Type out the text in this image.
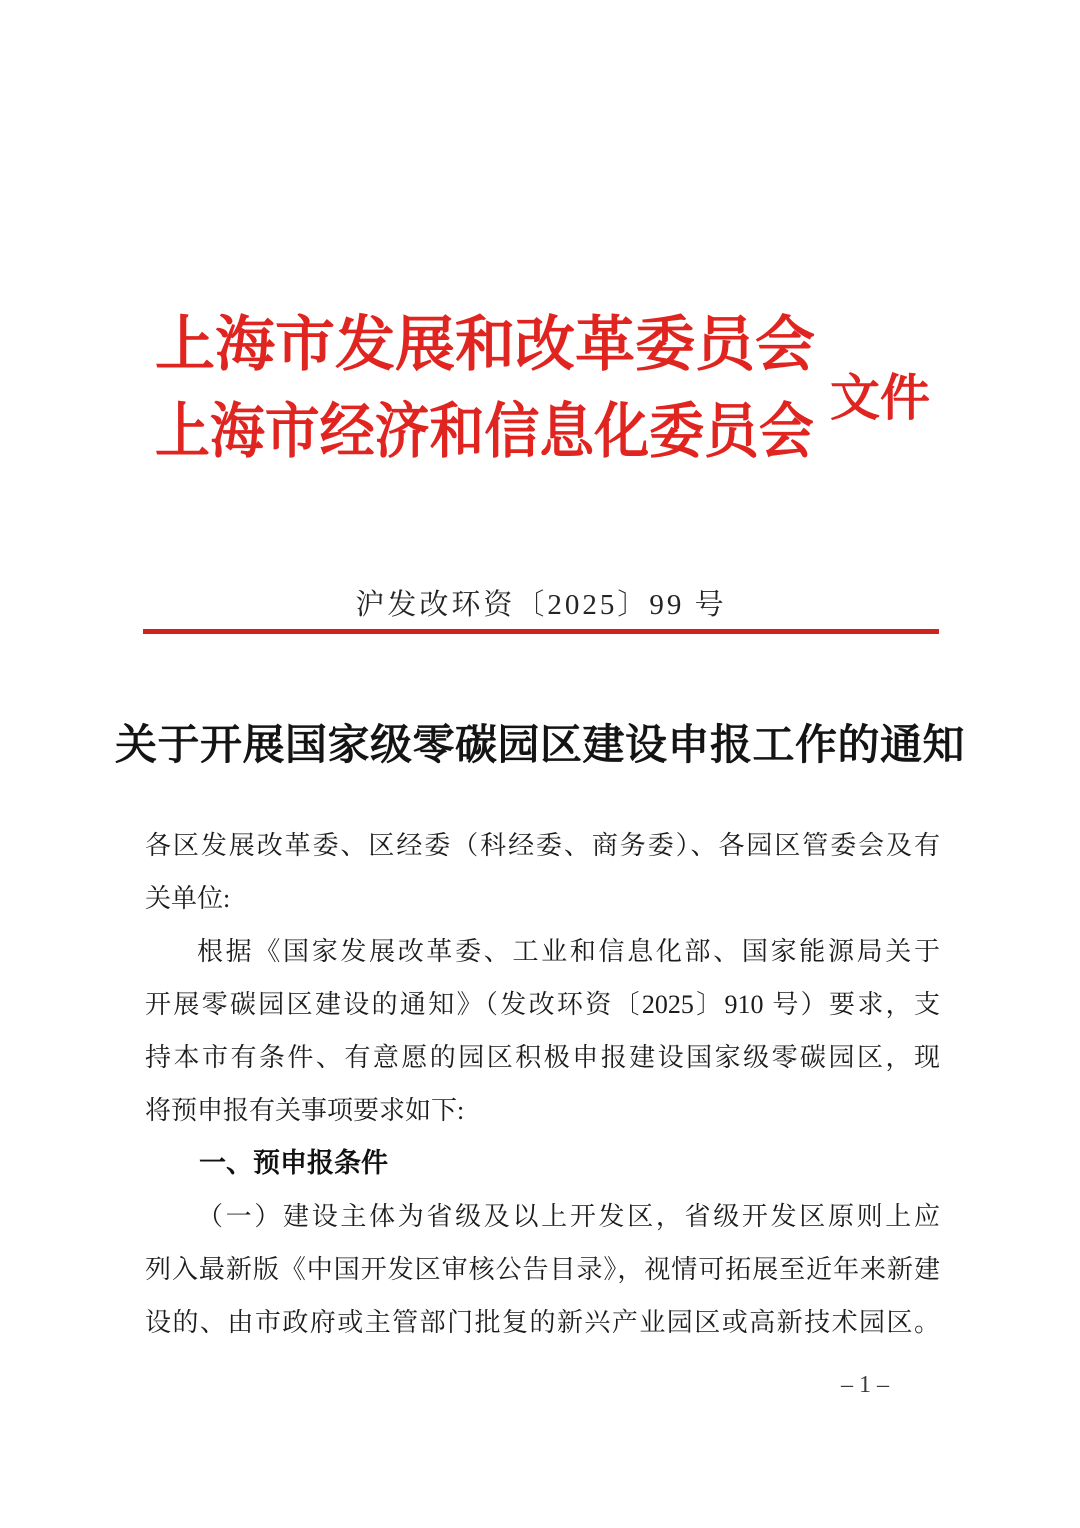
上海市发展和改革委员会
上海市经济和信息化委员会
文件
沪发改环资〔2025〕99 号
关于开展国家级零碳园区建设申报工作的通知
各区发展改革委、区经委（科经委、商务委）、各园区管委会及有
关单位:
根据《国家发展改革委、工业和信息化部、国家能源局关于
开展零碳园区建设的通知》（发改环资〔2025〕910 号）要求，支
持本市有条件、有意愿的园区积极申报建设国家级零碳园区，现
将预申报有关事项要求如下:
一、预申报条件
（一）建设主体为省级及以上开发区，省级开发区原则上应
列入最新版《中国开发区审核公告目录》，视情可拓展至近年来新建
设的、由市政府或主管部门批复的新兴产业园区或高新技术园区。
– 1 –
